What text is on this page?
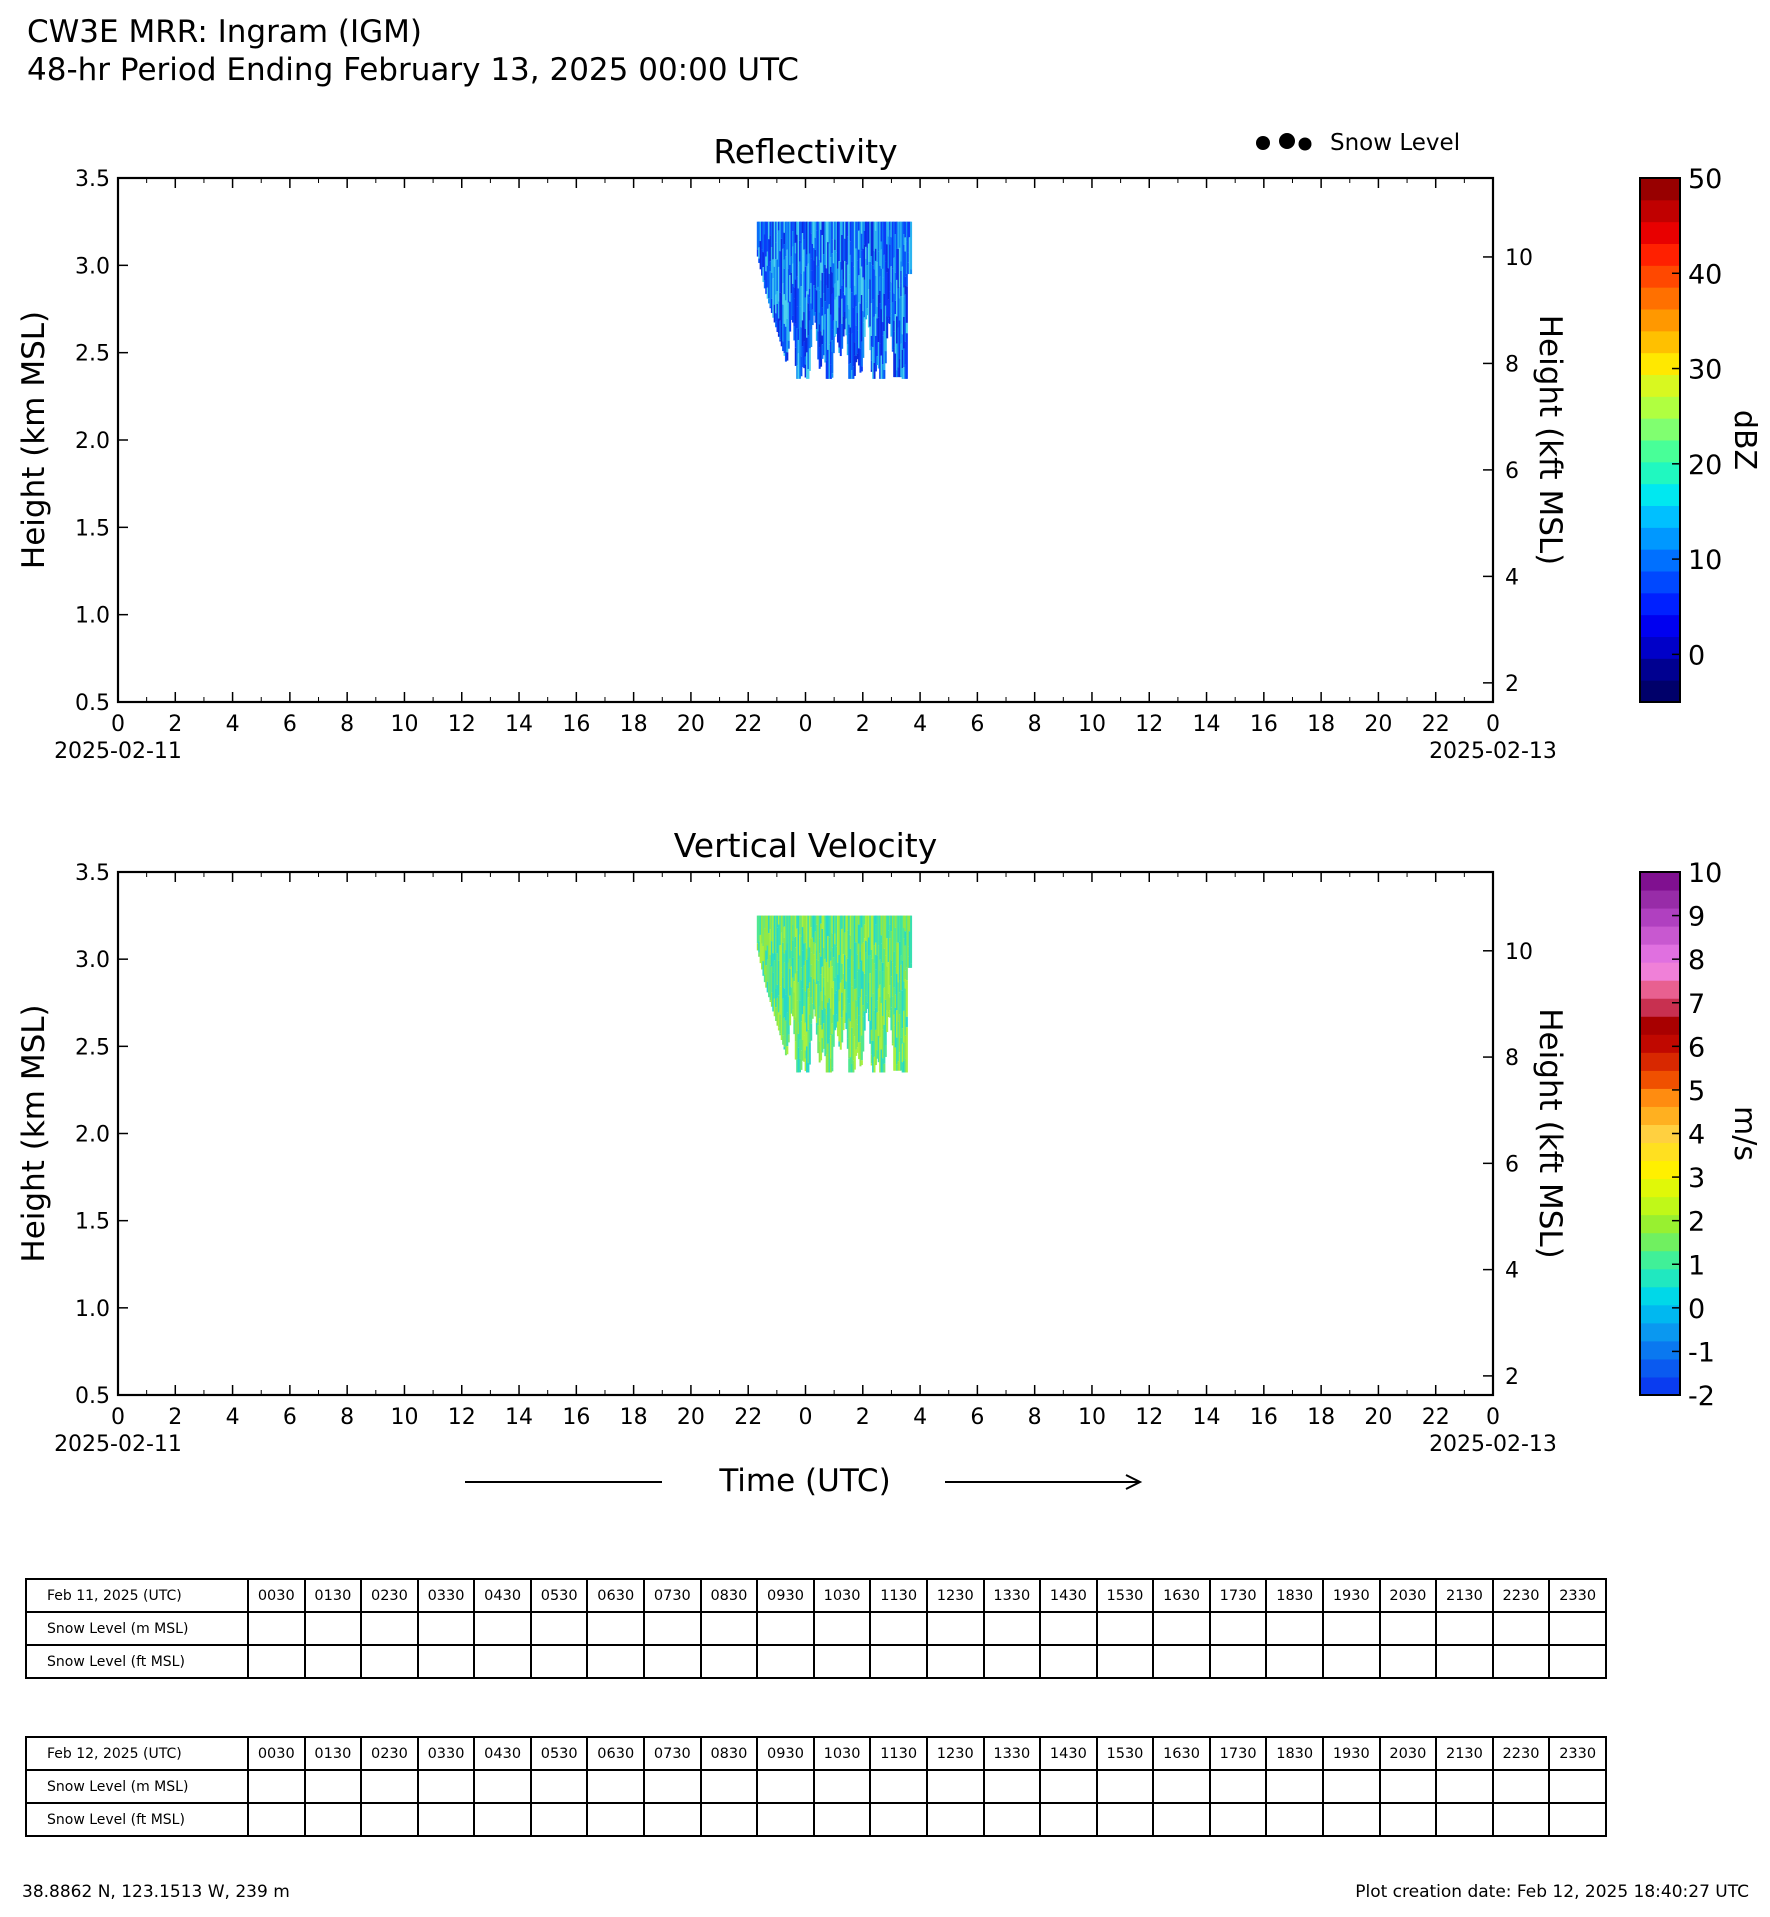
CW3E MRR: Ingram (IGM)
48-hr Period Ending February 13, 2025 00:00 UTC
Snow Level
Reflectivity
0 2 4 6 8 10 12 14 16 18 20 22 0 2 4 6 8 10 12 14 16 18 20 22 0
2025-02-11	2025-02-13
0.5
1.0
1.5
2.0
2.5
3.0
3.5
Height (km MSL)
2
4
6
8
10
Height (kft MSL)
0
10
20
30
40
50
dBZ
Vertical Velocity
0 2 4 6 8 10 12 14 16 18 20 22 0 2 4 6 8 10 12 14 16 18 20 22 0
2025-02-11	2025-02-13
0.5
1.0
1.5
2.0
2.5
3.0
3.5
Height (km MSL)
2
4
6
8
10
Height (kft MSL)
-2
-1
0
1
2
3
4
5
6
7
8
9
10
m/s
Time (UTC)
Feb 11, 2025 (UTC)	0030	0130	0230	0330	0430	0530	0630	0730	0830	0930	1030	1130	1230	1330	1430	1530	1630	1730	1830	1930	2030	2130	2230	2330
Snow Level (m MSL)																								
Snow Level (ft MSL)																								
Feb 12, 2025 (UTC)	0030	0130	0230	0330	0430	0530	0630	0730	0830	0930	1030	1130	1230	1330	1430	1530	1630	1730	1830	1930	2030	2130	2230	2330
Snow Level (m MSL)																								
Snow Level (ft MSL)																								
38.8862 N, 123.1513 W, 239 m	Plot creation date: Feb 12, 2025 18:40:27 UTC
